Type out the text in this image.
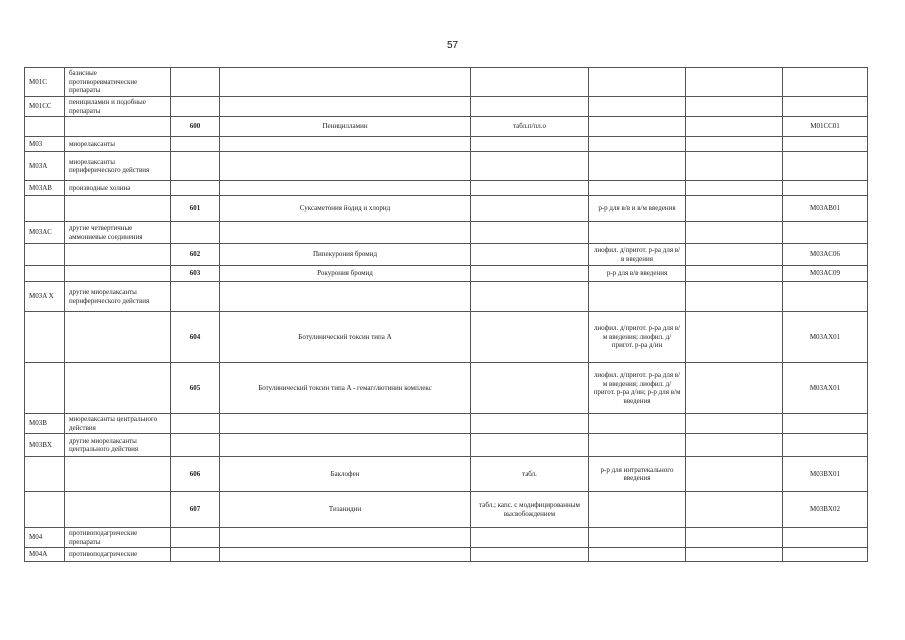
57
M01C	базисные противоревматические препараты						
M01CC	пенициламин и подобные препараты						
		600	Пеницилламин	табл.п/пл.о			M01CC01
M03	миорелаксанты						
M03A	миорелаксанты периферического действия						
M03AB	производные холина						
		601	Суксаметония йодид и хлорид		р-р для в/в и в/м введения		M03AB01
M03AC	другие четвертичные аммониевые соединения						
		602	Пипекурония бромид		лиофил. д/пригот. р-ра для в/в введения		M03AC06
		603	Рокурония бромид		р-р для в/в введения		M03AC09
M03A X	другие миорелаксанты периферического действия						
		604	Ботулинический токсин типа A		лиофил. д/пригот. р-ра для в/м введения; лиофил. д/пригот. р-ра д/ин		M03AX01
		605	Ботулинический токсин типа A - гемагглютинин комплекс		лиофил. д/пригот. р-ра для в/м введения; лиофил. д/пригот. р-ра д/ин; р-р для в/м введения		M03AX01
M03B	миорелаксанты центрального действия						
M03BX	другие миорелаксанты центрального действия						
		606	Баклофен	табл.	р-р для интратекального введения		M03BX01
		607	Тизанидин	табл.; капс. с модифицированным высвобождением			M03BX02
M04	противоподагрические препараты						
M04A	противоподагрические						
